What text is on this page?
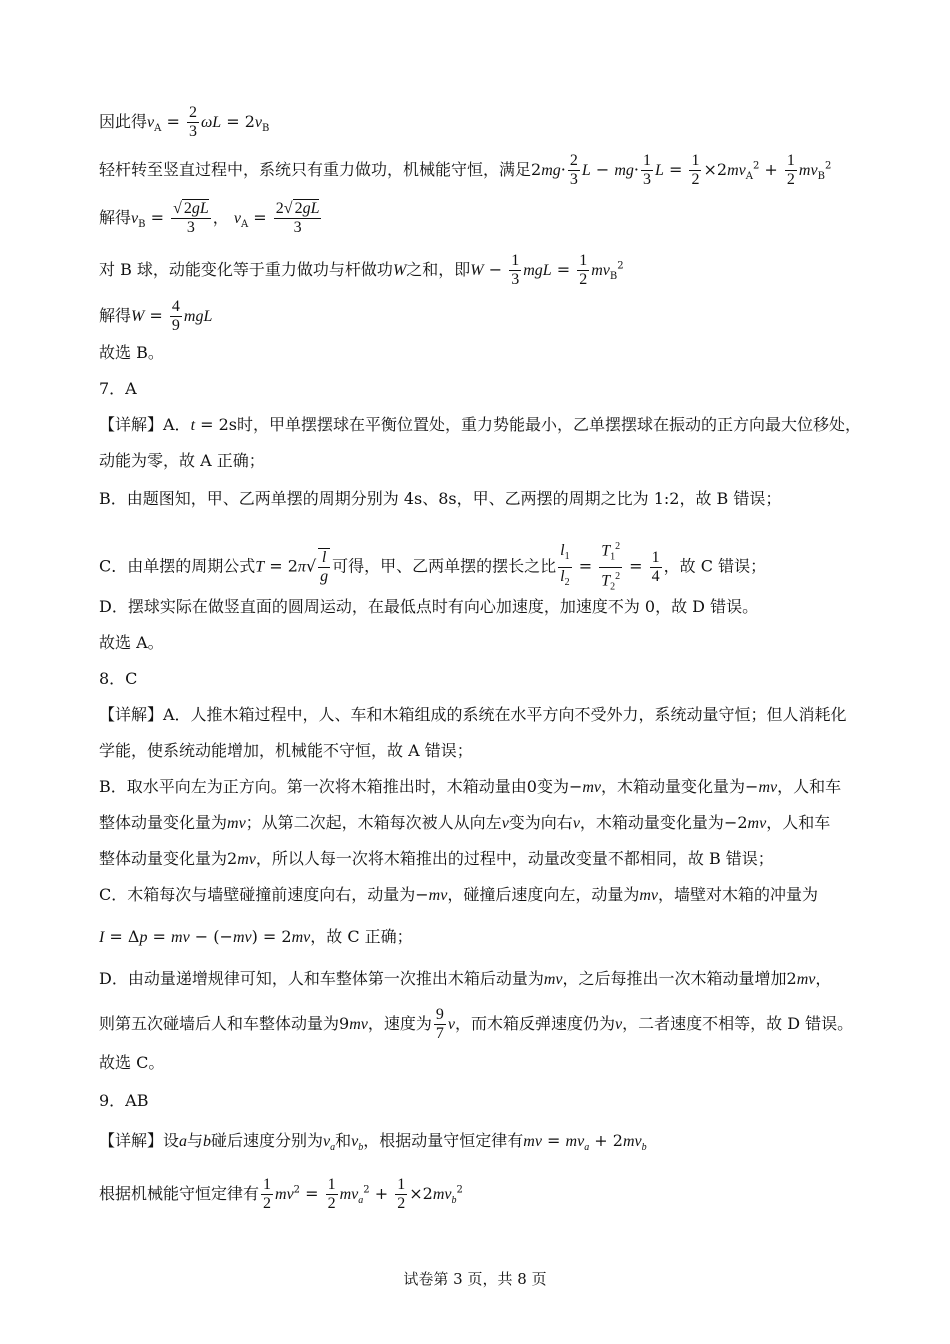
因此得$v_A = \frac{2}{3}$ $\omega L = 2v_B$
轻杆转至竖直过程中，系统只有重力做功，机械能守恒，满足$2mg\cdot \frac{2}{3}$ $L - mg\cdot \frac{1}{3}$ $L = \frac{1}{2} \times 2mv_A^2 + \frac{1}{2} mv_B^2$
解得$v_B = \frac{√ 2gL}{3}$ ， $v_A = \frac{2√ 2gL}{3}$
对 B 球，动能变化等于重力做功与杆做功W之和，即$W - \frac{1}{3}$ mgL = $\frac{1}{2} mv_B^2$
解得$W = \frac{4}{9}$ mgL
故选 B。
7．A
【详解】A．t = 2s时，甲单摆摆球在平衡位置处，重力势能最小，乙单摆摆球在振动的正方向最大位移处，
动能为零，故 A 正确；
B．由题图知，甲、乙两单摆的周期分别为 4s、8s，甲、乙两摆的周期之比为 1:2，故 B 错误；
C．由单摆的周期公式$T = 2\pi√ \frac{l}{g}$ 可得，甲、乙两单摆的摆长之比 $\frac{l_1}{l_2} = \frac{T_1^2}{T_2^2} = \frac{1}{4}$ ，故 C 错误；
D．摆球实际在做竖直面的圆周运动，在最低点时有向心加速度，加速度不为 0，故 D 错误。
故选 A。
8．C
【详解】A．人推木箱过程中，人、车和木箱组成的系统在水平方向不受外力，系统动量守恒；但人消耗化
学能，使系统动能增加，机械能不守恒，故 A 错误；
B．取水平向左为正方向。第一次将木箱推出时，木箱动量由0变为−mv，木箱动量变化量为−mv，人和车
整体动量变化量为mv；从第二次起，木箱每次被人从向左v变为向右v，木箱动量变化量为−2mv，人和车
整体动量变化量为2mv，所以人每一次将木箱推出的过程中，动量改变量不都相同，故 B 错误；
C．木箱每次与墙壁碰撞前速度向右，动量为−mv，碰撞后速度向左，动量为mv，墙壁对木箱的冲量为
I = Δp = mv − (−mv) = 2mv，故 C 正确；
D．由动量递增规律可知，人和车整体第一次推出木箱后动量为mv，之后每推出一次木箱动量增加2mv，
则第五次碰墙后人和车整体动量为9mv，速度为 $\frac{9}{7}$ v，而木箱反弹速度仍为v，二者速度不相等，故 D 错误。
故选 C。
9．AB
【详解】设a与b碰后速度分别为$v_a$和$v_b$，根据动量守恒定律有mv = $mv_a + 2mv_b$
根据机械能守恒定律有 $\frac{1}{2} mv^2 = \frac{1}{2} mv_a^2 + \frac{1}{2} \times 2mv_b^2$
试卷第 3 页，共 8 页
